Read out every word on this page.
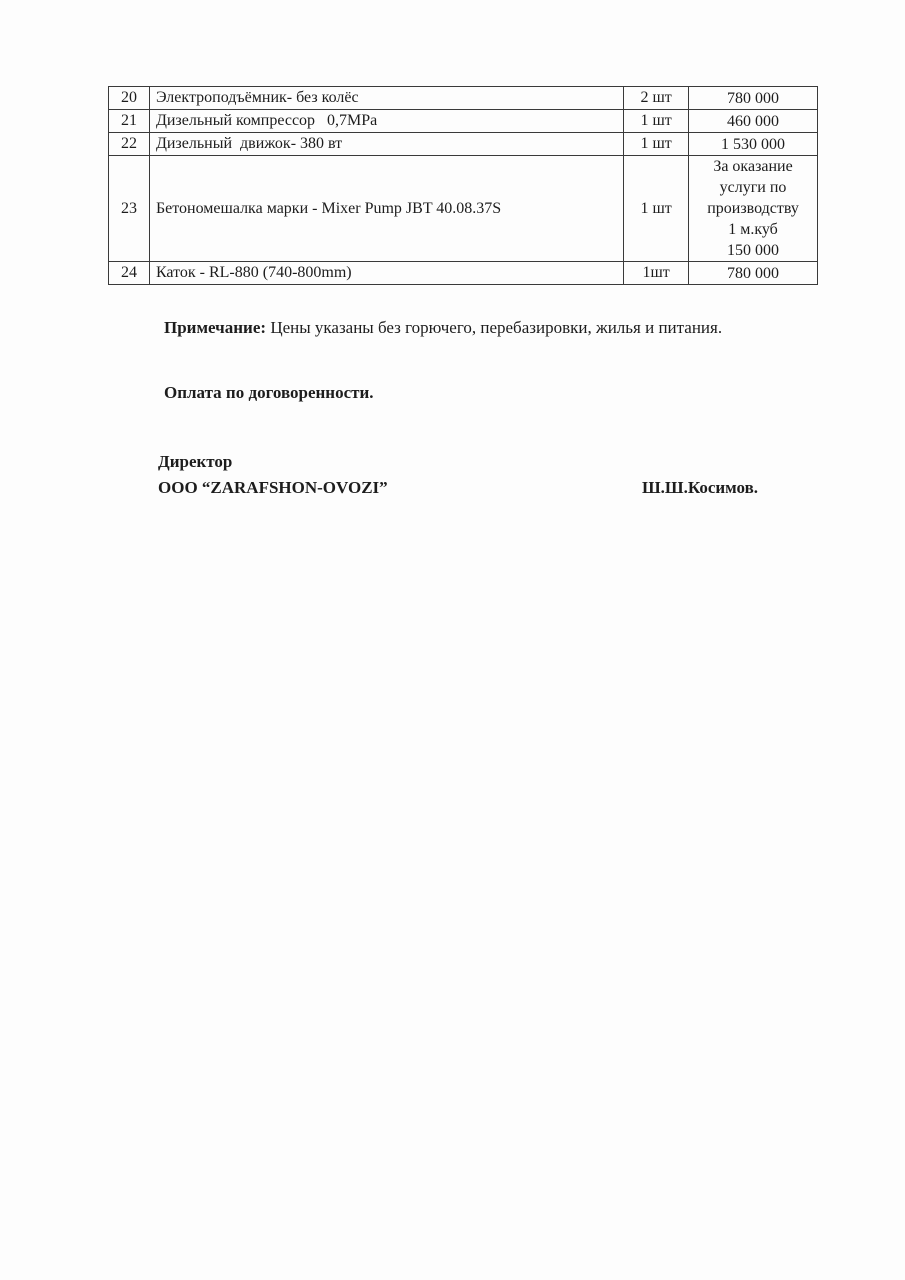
20	Электроподъёмник- без колёс	2 шт	780 000

21	Дизельный компрессор   0,7MPa	1 шт	460 000

22	Дизельный  движок- 380 вт	1 шт	1 530 000

23	Бетономешалка марки - Mixer Pump JBT 40.08.37S	1 шт	За оказание
услуги по
производству
1 м.куб
150 000

24	Каток - RL-880 (740-800mm)	1шт	780 000
Примечание: Цены указаны без горючего, перебазировки, жилья и питания.
Оплата по договоренности.
Директор
ООО “ZARAFSHON-OVOZI”	Ш.Ш.Косимов.
